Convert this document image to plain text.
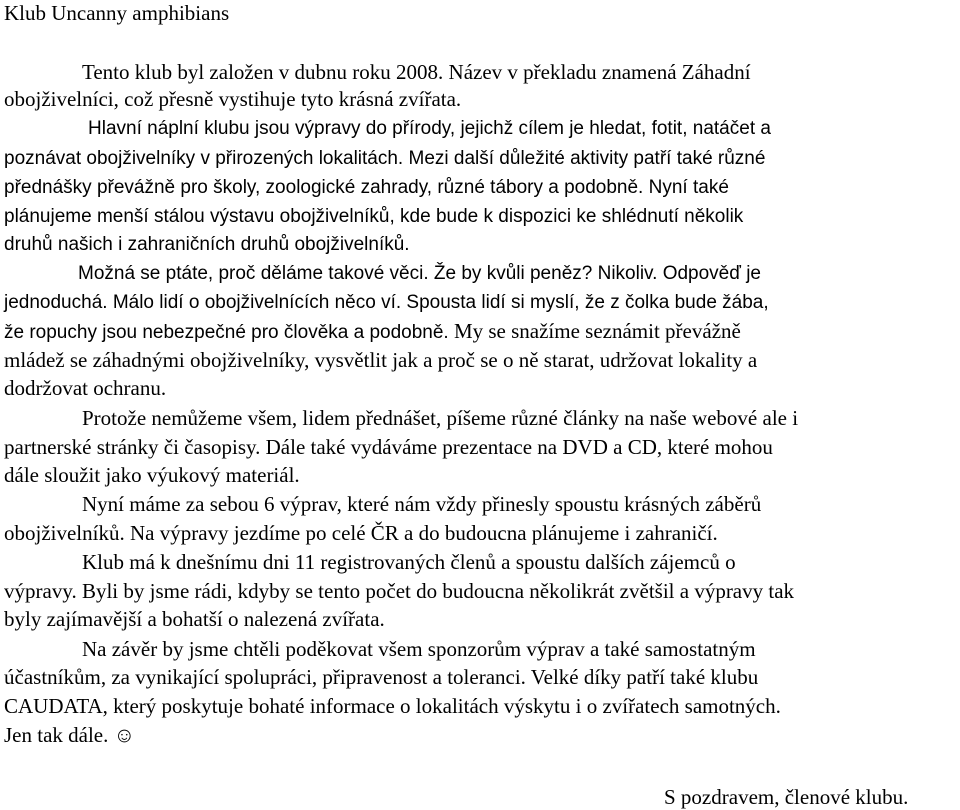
Klub Uncanny amphibians
Tento klub byl založen v dubnu roku 2008. Název v překladu znamená Záhadní
obojživelníci, což přesně vystihuje tyto krásná zvířata.
Hlavní náplní klubu jsou výpravy do přírody, jejichž cílem je hledat, fotit, natáčet a
poznávat obojživelníky v přirozených lokalitách. Mezi další důležité aktivity patří také různé
přednášky převážně pro školy, zoologické zahrady, různé tábory a podobně. Nyní také
plánujeme menší stálou výstavu obojživelníků, kde bude k dispozici ke shlédnutí několik
druhů našich i zahraničních druhů obojživelníků.
Možná se ptáte, proč děláme takové věci. Že by kvůli peněz? Nikoliv. Odpověď je
jednoduchá. Málo lidí o obojživelnících něco ví. Spousta lidí si myslí, že z čolka bude žába,
že ropuchy jsou nebezpečné pro člověka a podobně. My se snažíme seznámit převážně
mládež se záhadnými obojživelníky, vysvětlit jak a proč se o ně starat, udržovat lokality a
dodržovat ochranu.
Protože nemůžeme všem, lidem přednášet, píšeme různé články na naše webové ale i
partnerské stránky či časopisy. Dále také vydáváme prezentace na DVD a CD, které mohou
dále sloužit jako výukový materiál.
Nyní máme za sebou 6 výprav, které nám vždy přinesly spoustu krásných záběrů
obojživelníků. Na výpravy jezdíme po celé ČR a do budoucna plánujeme i zahraničí.
Klub má k dnešnímu dni 11 registrovaných členů a spoustu dalších zájemců o
výpravy. Byli by jsme rádi, kdyby se tento počet do budoucna několikrát zvětšil a výpravy tak
byly zajímavější a bohatší o nalezená zvířata.
Na závěr by jsme chtěli poděkovat všem sponzorům výprav a také samostatným
účastníkům, za vynikající spolupráci, připravenost a toleranci. Velké díky patří také klubu
CAUDATA, který poskytuje bohaté informace o lokalitách výskytu i o zvířatech samotných.
Jen tak dále. ☺
S pozdravem, členové klubu.
